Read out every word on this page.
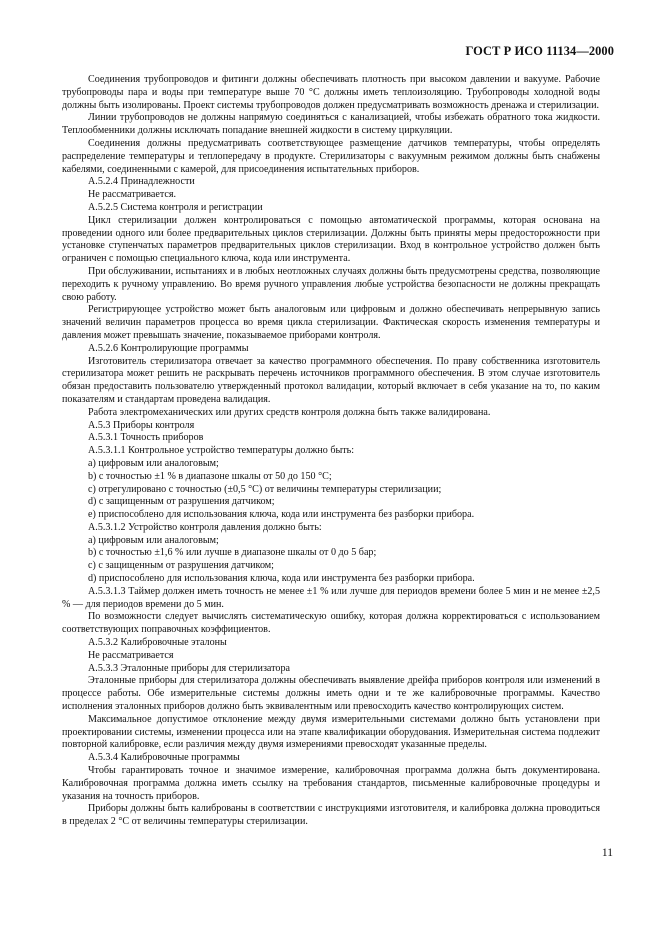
ГОСТ Р ИСО 11134—2000

Соединения трубопроводов и фитинги должны обеспечивать плотность при высоком давлении и вакууме. Рабочие трубопроводы пара и воды при температуре выше 70 °С должны иметь теплоизоляцию. Трубопроводы холодной воды должны быть изолированы. Проект системы трубопроводов должен предусматривать возможность дренажа и стерилизации.

Линии трубопроводов не должны напрямую соединяться с канализацией, чтобы избежать обратного тока жидкости. Теплообменники должны исключать попадание внешней жидкости в систему циркуляции.

Соединения должны предусматривать соответствующее размещение датчиков температуры, чтобы определять распределение температуры и теплопередачу в продукте. Стерилизаторы с вакуумным режимом должны быть снабжены кабелями, соединенными с камерой, для присоединения испытательных приборов.

А.5.2.4 Принадлежности

Не рассматривается.

А.5.2.5 Система контроля и регистрации

Цикл стерилизации должен контролироваться с помощью автоматической программы, которая основана на проведении одного или более предварительных циклов стерилизации. Должны быть приняты меры предосторожности при установке ступенчатых параметров предварительных циклов стерилизации. Вход в контрольное устройство должен быть ограничен с помощью специального ключа, кода или инструмента.

При обслуживании, испытаниях и в любых неотложных случаях должны быть предусмотрены средства, позволяющие переходить к ручному управлению. Во время ручного управления любые устройства безопасности не должны прекращать свою работу.

Регистрирующее устройство может быть аналоговым или цифровым и должно обеспечивать непрерывную запись значений величин параметров процесса во время цикла стерилизации. Фактическая скорость изменения температуры и давления может превышать значение, показываемое приборами контроля.

А.5.2.6 Контролирующие программы

Изготовитель стерилизатора отвечает за качество программного обеспечения. По праву собственника изготовитель стерилизатора может решить не раскрывать перечень источников программного обеспечения. В этом случае изготовитель обязан предоставить пользователю утвержденный протокол валидации, который включает в себя указание на то, по каким показателям и стандартам проведена валидация.

Работа электромеханических или других средств контроля должна быть также валидирована.

А.5.3 Приборы контроля

А.5.3.1 Точность приборов

А.5.3.1.1 Контрольное устройство температуры должно быть:

а) цифровым или аналоговым;

b) с точностью ±1 % в диапазоне шкалы от 50 до 150 °С;

с) отрегулировано с точностью (±0,5 °С) от величины температуры стерилизации;

d) с защищенным от разрушения датчиком;

е) приспособлено для использования ключа, кода или инструмента без разборки прибора.

А.5.3.1.2 Устройство контроля давления должно быть:

а) цифровым или аналоговым;

b) с точностью ±1,6 % или лучше в диапазоне шкалы от 0 до 5 бар;

с) с защищенным от разрушения датчиком;

d) приспособлено для использования ключа, кода или инструмента без разборки прибора.

А.5.3.1.3 Таймер должен иметь точность не менее ±1 % или лучше для периодов времени более 5 мин и не менее ±2,5 % — для периодов времени до 5 мин.

По возможности следует вычислять систематическую ошибку, которая должна корректироваться с использованием соответствующих поправочных коэффициентов.

А.5.3.2 Калибровочные эталоны

Не рассматривается

А.5.3.3 Эталонные приборы для стерилизатора

Эталонные приборы для стерилизатора должны обеспечивать выявление дрейфа приборов контроля или изменений в процессе работы. Обе измерительные системы должны иметь одни и те же калибровочные программы. Качество исполнения эталонных приборов должно быть эквивалентным или превосходить качество контролирующих систем.

Максимальное допустимое отклонение между двумя измерительными системами должно быть установлени при проектировании системы, изменении процесса или на этапе квалификации оборудования. Измерительная система подлежит повторной калибровке, если различия между двумя измерениями превосходят указанные пределы.

А.5.3.4 Калибровочные программы

Чтобы гарантировать точное и значимое измерение, калибровочная программа должна быть документирована. Калибровочная программа должна иметь ссылку на требования стандартов, письменные калибровочные процедуры и указания на точность приборов.

Приборы должны быть калиброваны в соответствии с инструкциями изготовителя, и калибровка должна проводиться в пределах 2 °С от величины температуры стерилизации.

11
